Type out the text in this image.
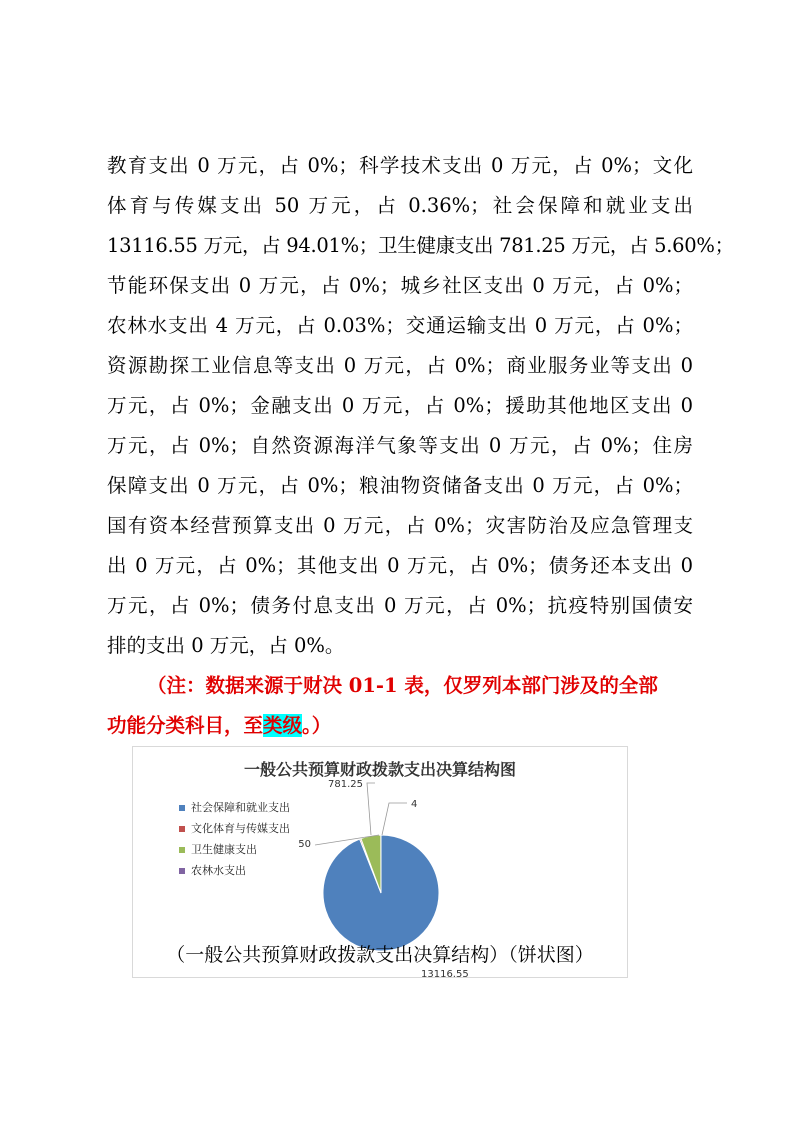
教育支出 0 万元，占 0%；科学技术支出 0 万元，占 0%；文化
体育与传媒支出 50 万元，占 0.36%；社会保障和就业支出
13116.55 万元，占 94.01%；卫生健康支出 781.25 万元，占 5.60%；
节能环保支出 0 万元，占 0%；城乡社区支出 0 万元，占 0%；
农林水支出 4 万元，占 0.03%；交通运输支出 0 万元，占 0%；
资源勘探工业信息等支出 0 万元，占 0%；商业服务业等支出 0
万元，占 0%；金融支出 0 万元，占 0%；援助其他地区支出 0
万元，占 0%；自然资源海洋气象等支出 0 万元，占 0%；住房
保障支出 0 万元，占 0%；粮油物资储备支出 0 万元，占 0%；
国有资本经营预算支出 0 万元，占 0%；灾害防治及应急管理支
出 0 万元，占 0%；其他支出 0 万元，占 0%；债务还本支出 0
万元，占 0%；债务付息支出 0 万元，占 0%；抗疫特别国债安
排的支出 0 万元，占 0%。
（注：数据来源于财决 01-1 表，仅罗列本部门涉及的全部
功能分类科目，至类级。）
一般公共预算财政拨款支出决算结构图
社会保障和就业支出
文化体育与传媒支出
卫生健康支出
农林水支出
13116.55
50
781.25
4
（一般公共预算财政拨款支出决算结构）（饼状图）
